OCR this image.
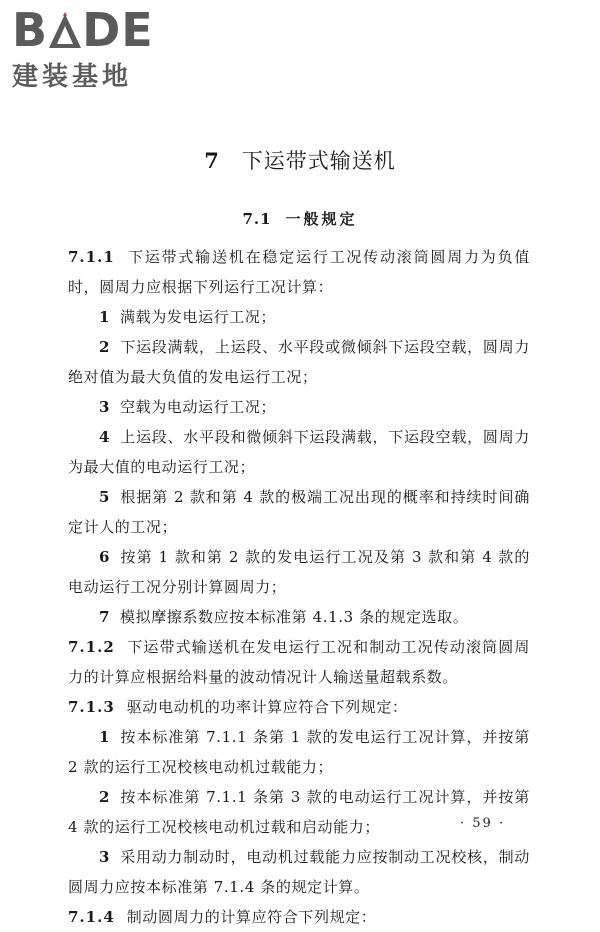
B DE
建装基地
7 下运带式输送机
7.1 一般规定

7.1.1 下运带式输送机在稳定运行工况传动滚筒圆周力为负值时，圆周力应根据下列运行工况计算：

1 满载为发电运行工况；

2 下运段满载，上运段、水平段或微倾斜下运段空载，圆周力绝对值为最大负值的发电运行工况；

3 空载为电动运行工况；

4 上运段、水平段和微倾斜下运段满载，下运段空载，圆周力为最大值的电动运行工况；

5 根据第 2 款和第 4 款的极端工况出现的概率和持续时间确定计人的工况；

6 按第 1 款和第 2 款的发电运行工况及第 3 款和第 4 款的电动运行工况分别计算圆周力；

7 模拟摩擦系数应按本标准第 4.1.3 条的规定选取。

7.1.2 下运带式输送机在发电运行工况和制动工况传动滚筒圆周力的计算应根据给料量的波动情况计人输送量超载系数。

7.1.3 驱动电动机的功率计算应符合下列规定：

1 按本标准第 7.1.1 条第 1 款的发电运行工况计算，并按第 2 款的运行工况校核电动机过载能力；

2 按本标准第 7.1.1 条第 3 款的电动运行工况计算，并按第 4 款的运行工况校核电动机过载和启动能力；

3 采用动力制动时，电动机过载能力应按制动工况校核，制动圆周力应按本标准第 7.1.4 条的规定计算。

7.1.4 制动圆周力的计算应符合下列规定：

· 59 ·
